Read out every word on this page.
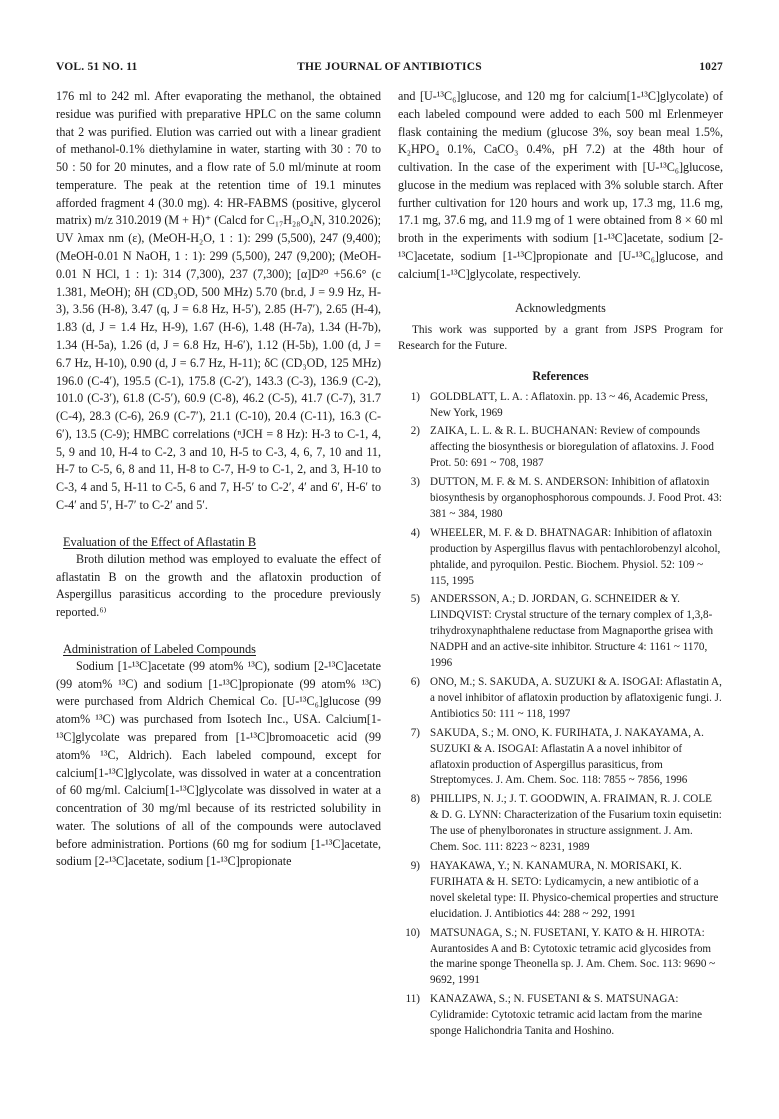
VOL. 51 NO. 11	THE JOURNAL OF ANTIBIOTICS	1027

176 ml to 242 ml. After evaporating the methanol, the obtained residue was purified with preparative HPLC on the same column that 2 was purified. Elution was carried out with a linear gradient of methanol-0.1% diethylamine in water, starting with 30 : 70 to 50 : 50 for 20 minutes, and a flow rate of 5.0 ml/minute at room temperature. The peak at the retention time of 19.1 minutes afforded fragment 4 (30.0 mg). 4: HR-FABMS (positive, glycerol matrix) m/z 310.2019 (M + H)⁺ (Calcd for C₁₇H₂₈O₄N, 310.2026); UV λmax nm (ε), (MeOH-H₂O, 1 : 1): 299 (5,500), 247 (9,400); (MeOH-0.01 N NaOH, 1 : 1): 299 (5,500), 247 (9,200); (MeOH-0.01 N HCl, 1 : 1): 314 (7,300), 237 (7,300); [α]D²⁰ +56.6° (c 1.381, MeOH); δH (CD₃OD, 500 MHz) 5.70 (br.d, J = 9.9 Hz, H-3), 3.56 (H-8), 3.47 (q, J = 6.8 Hz, H-5′), 2.85 (H-7′), 2.65 (H-4), 1.83 (d, J = 1.4 Hz, H-9), 1.67 (H-6), 1.48 (H-7a), 1.34 (H-7b), 1.34 (H-5a), 1.26 (d, J = 6.8 Hz, H-6′), 1.12 (H-5b), 1.00 (d, J = 6.7 Hz, H-10), 0.90 (d, J = 6.7 Hz, H-11); δC (CD₃OD, 125 MHz) 196.0 (C-4′), 195.5 (C-1), 175.8 (C-2′), 143.3 (C-3), 136.9 (C-2), 101.0 (C-3′), 61.8 (C-5′), 60.9 (C-8), 46.2 (C-5), 41.7 (C-7), 31.7 (C-4), 28.3 (C-6), 26.9 (C-7′), 21.1 (C-10), 20.4 (C-11), 16.3 (C-6′), 13.5 (C-9); HMBC correlations (ⁿJCH = 8 Hz): H-3 to C-1, 4, 5, 9 and 10, H-4 to C-2, 3 and 10, H-5 to C-3, 4, 6, 7, 10 and 11, H-7 to C-5, 6, 8 and 11, H-8 to C-7, H-9 to C-1, 2, and 3, H-10 to C-3, 4 and 5, H-11 to C-5, 6 and 7, H-5′ to C-2′, 4′ and 6′, H-6′ to C-4′ and 5′, H-7′ to C-2′ and 5′.

Evaluation of the Effect of Aflastatin B

Broth dilution method was employed to evaluate the effect of aflastatin B on the growth and the aflatoxin production of Aspergillus parasiticus according to the procedure previously reported.⁶⁾

Administration of Labeled Compounds

Sodium [1-¹³C]acetate (99 atom% ¹³C), sodium [2-¹³C]acetate (99 atom% ¹³C) and sodium [1-¹³C]propionate (99 atom% ¹³C) were purchased from Aldrich Chemical Co. [U-¹³C₆]glucose (99 atom% ¹³C) was purchased from Isotech Inc., USA. Calcium[1-¹³C]glycolate was prepared from [1-¹³C]bromoacetic acid (99 atom% ¹³C, Aldrich). Each labeled compound, except for calcium[1-¹³C]glycolate, was dissolved in water at a concentration of 60 mg/ml. Calcium[1-¹³C]glycolate was dissolved in water at a concentration of 30 mg/ml because of its restricted solubility in water. The solutions of all of the compounds were autoclaved before administration. Portions (60 mg for sodium [1-¹³C]acetate, sodium [2-¹³C]acetate, sodium [1-¹³C]propionate

and [U-¹³C₆]glucose, and 120 mg for calcium[1-¹³C]glycolate) of each labeled compound were added to each 500 ml Erlenmeyer flask containing the medium (glucose 3%, soy bean meal 1.5%, K₂HPO₄ 0.1%, CaCO₃ 0.4%, pH 7.2) at the 48th hour of cultivation. In the case of the experiment with [U-¹³C₆]glucose, glucose in the medium was replaced with 3% soluble starch. After further cultivation for 120 hours and work up, 17.3 mg, 11.6 mg, 17.1 mg, 37.6 mg, and 11.9 mg of 1 were obtained from 8 × 60 ml broth in the experiments with sodium [1-¹³C]acetate, sodium [2-¹³C]acetate, sodium [1-¹³C]propionate and [U-¹³C₆]glucose, and calcium[1-¹³C]glycolate, respectively.

Acknowledgments

This work was supported by a grant from JSPS Program for Research for the Future.

References
1) GOLDBLATT, L. A. : Aflatoxin. pp. 13 ~ 46, Academic Press, New York, 1969
2) ZAIKA, L. L. & R. L. BUCHANAN: Review of compounds affecting the biosynthesis or bioregulation of aflatoxins. J. Food Prot. 50: 691 ~ 708, 1987
3) DUTTON, M. F. & M. S. ANDERSON: Inhibition of aflatoxin biosynthesis by organophosphorous compounds. J. Food Prot. 43: 381 ~ 384, 1980
4) WHEELER, M. F. & D. BHATNAGAR: Inhibition of aflatoxin production by Aspergillus flavus with pentachlorobenzyl alcohol, phtalide, and pyroquilon. Pestic. Biochem. Physiol. 52: 109 ~ 115, 1995
5) ANDERSSON, A.; D. JORDAN, G. SCHNEIDER & Y. LINDQVIST: Crystal structure of the ternary complex of 1,3,8-trihydroxynaphthalene reductase from Magnaporthe grisea with NADPH and an active-site inhibitor. Structure 4: 1161 ~ 1170, 1996
6) ONO, M.; S. SAKUDA, A. SUZUKI & A. ISOGAI: Aflastatin A, a novel inhibitor of aflatoxin production by aflatoxigenic fungi. J. Antibiotics 50: 111 ~ 118, 1997
7) SAKUDA, S.; M. ONO, K. FURIHATA, J. NAKAYAMA, A. SUZUKI & A. ISOGAI: Aflastatin A a novel inhibitor of aflatoxin production of Aspergillus parasiticus, from Streptomyces. J. Am. Chem. Soc. 118: 7855 ~ 7856, 1996
8) PHILLIPS, N. J.; J. T. GOODWIN, A. FRAIMAN, R. J. COLE & D. G. LYNN: Characterization of the Fusarium toxin equisetin: The use of phenylboronates in structure assignment. J. Am. Chem. Soc. 111: 8223 ~ 8231, 1989
9) HAYAKAWA, Y.; N. KANAMURA, N. MORISAKI, K. FURIHATA & H. SETO: Lydicamycin, a new antibiotic of a novel skeletal type: II. Physico-chemical properties and structure elucidation. J. Antibiotics 44: 288 ~ 292, 1991
10) MATSUNAGA, S.; N. FUSETANI, Y. KATO & H. HIROTA: Aurantosides A and B: Cytotoxic tetramic acid glycosides from the marine sponge Theonella sp. J. Am. Chem. Soc. 113: 9690 ~ 9692, 1991
11) KANAZAWA, S.; N. FUSETANI & S. MATSUNAGA: Cylidramide: Cytotoxic tetramic acid lactam from the marine sponge Halichondria Tanita and Hoshino.
